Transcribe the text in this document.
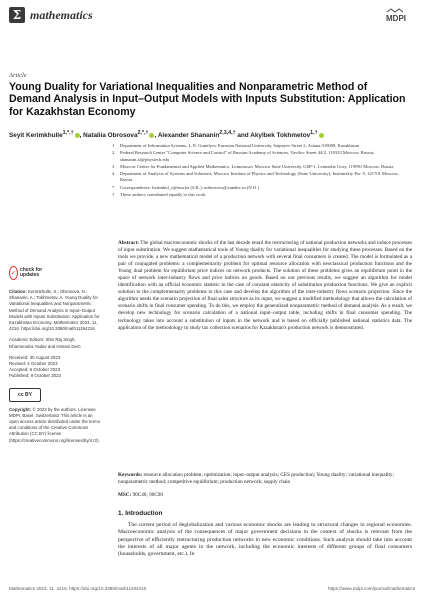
Σ mathematics	MDPI
Article
Young Duality for Variational Inequalities and Nonparametric Method of Demand Analysis in Input–Output Models with Inputs Substitution: Application for Kazakhstan Economy
Seyit Kerimkhulle$^{1,*,\dagger}$ , Nataliia Obrosova$^{2,*,\dagger}$ , Alexander Shananin$^{2,3,4,\dagger}$ and Akylbek Tokhmetov$^{1,\dagger}$
1 Department of Information Systems, L.N. Gumilyov Eurasian National University, Satpayev Street 2, Astana 010008, Kazakhstan
2 Federal Research Center "Computer Science and Control" of Russian Academy of Sciences, Vavilov Street 44/2, 119333 Moscow, Russia; shananin.ai@phystech.edu
3 Moscow Center for Fundamental and Applied Mathematics, Lomonosov Moscow State University, GSP-1, Leninskie Gory, 119991 Moscow, Russia
4 Department of Analysis of Systems and Solutions, Moscow Institute of Physics and Technology (State University), Institutskiy Per. 9, 141701 Moscow, Russia
* Correspondence: kerimkul_s@enu.kz (S.K.); nobrosova@yandex.ru (N.O.)
† These authors contributed equally to this work.
✓
check for updates
Citation: Kerimkhulle, S.; Obrosova, N.; Shananin, A.; Tokhmetov, A. Young Duality for Variational Inequalities and Nonparametric Method of Demand Analysis in Input–Output Models with Inputs Substitution: Application for Kazakhstan Economy. Mathematics 2023, 11, 4216. https://doi.org/10.3390/math11194216
Academic Editors: Shiv Raj Singh, Dharmendra Yadav and Himani Dem
Received: 30 August 2023
Revised: 4 October 2023
Accepted: 6 October 2023
Published: 9 October 2023
cc BY
Copyright: © 2023 by the authors. Licensee MDPI, Basel, Switzerland. This article is an open access article distributed under the terms and conditions of the Creative Commons Attribution (CC BY) license (https://creativecommons.org/licenses/by/4.0/).
Abstract: The global macroeconomic shocks of the last decade entail the restructuring of national production networks and induce processes of input substitution. We suggest mathematical tools of Young duality for variational inequalities for studying these processes. Based on the tools we provide, a new mathematical model of a production network with several final consumers is created. The model is formulated as a pair of conjugated problems: a complementarity problem for optimal resource allocation with neoclassical production functions and the Young dual problem for equilibrium price indices on network products. The solution of these problems gives an equilibrium point in the space of network inter-industry flows and price indices on goods. Based on our previous results, we suggest an algorithm for model identification with an official economic statistic in the case of constant elasticity of substitution production functions. We give an explicit solution to the complementarity problems in this case and develop the algorithm of the inter-industry flows scenario projection. Since the algorithm needs the scenario projection of final sales structure as its input, we suggest a modified methodology that allows the calculation of scenario shifts in final consumer spending. To do this, we employ the generalized nonparametric method of demand analysis. As a result, we develop new technology for scenario calculation of a national input–output table, including shifts in final consumer spending. The technology takes into account a substitution of inputs in the network and is based on officially published national statistics data. The application of the methodology to study tax collection scenarios for Kazakhstan's production network is demonstrated.
Keywords: resource allocation problem; optimization; input–output analysis; CES production; Young duality; variational inequality; nonparametric method; competitive equilibrium; production network; supply chain
MSC: 90C46; 90C90
1. Introduction
The current period of deglobalization and various economic shocks are leading to structural changes in regional economies. Macroeconomic analysis of the consequences of major government decisions in the context of shocks is relevant from the perspective of efficiently restructuring production networks in new economic conditions. Such analysis should take into account the interests of all major agents in the network, including the economic interests of different groups of final consumers (households, government, etc.). In
Mathematics 2023, 11, 4216. https://doi.org/10.3390/math11194216	https://www.mdpi.com/journal/mathematics
